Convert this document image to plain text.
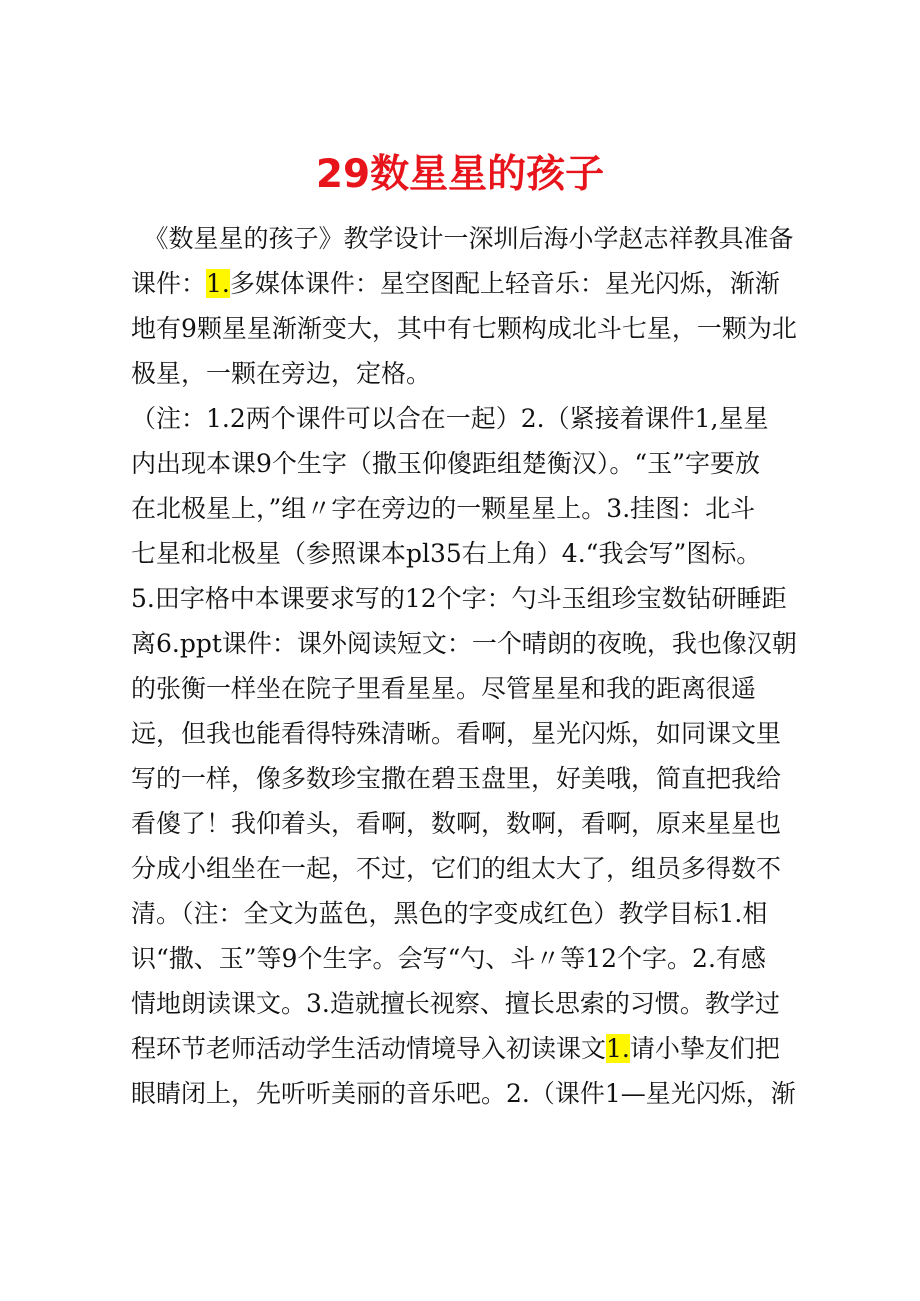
29数星星的孩子
　《数星星的孩子》教学设计一深圳后海小学赵志祥教具准备
课件：1.多媒体课件：星空图配上轻音乐：星光闪烁，渐渐
地有9颗星星渐渐变大，其中有七颗构成北斗七星，一颗为北
极星，一颗在旁边，定格。
（注：1.2两个课件可以合在一起）2.（紧接着课件1,星星
内出现本课9个生字（撒玉仰傻距组楚衡汉）。“玉”字要放
在北极星上，”组〃字在旁边的一颗星星上。3.挂图：北斗
七星和北极星（参照课本pl35右上角）4.“我会写”图标。
5.田字格中本课要求写的12个字：勺斗玉组珍宝数钻研睡距
离6.ppt课件：课外阅读短文：一个晴朗的夜晚，我也像汉朝
的张衡一样坐在院子里看星星。尽管星星和我的距离很遥
远，但我也能看得特殊清晰。看啊，星光闪烁，如同课文里
写的一样，像多数珍宝撒在碧玉盘里，好美哦，简直把我给
看傻了！我仰着头，看啊，数啊，数啊，看啊，原来星星也
分成小组坐在一起，不过，它们的组太大了，组员多得数不
清。（注：全文为蓝色，黑色的字变成红色）教学目标1.相
识“撒、玉”等9个生字。会写“勺、斗〃等12个字。2.有感
情地朗读课文。3.造就擅长视察、擅长思索的习惯。教学过
程环节老师活动学生活动情境导入初读课文1.请小挚友们把
眼睛闭上，先听听美丽的音乐吧。2.（课件1—星光闪烁，渐
